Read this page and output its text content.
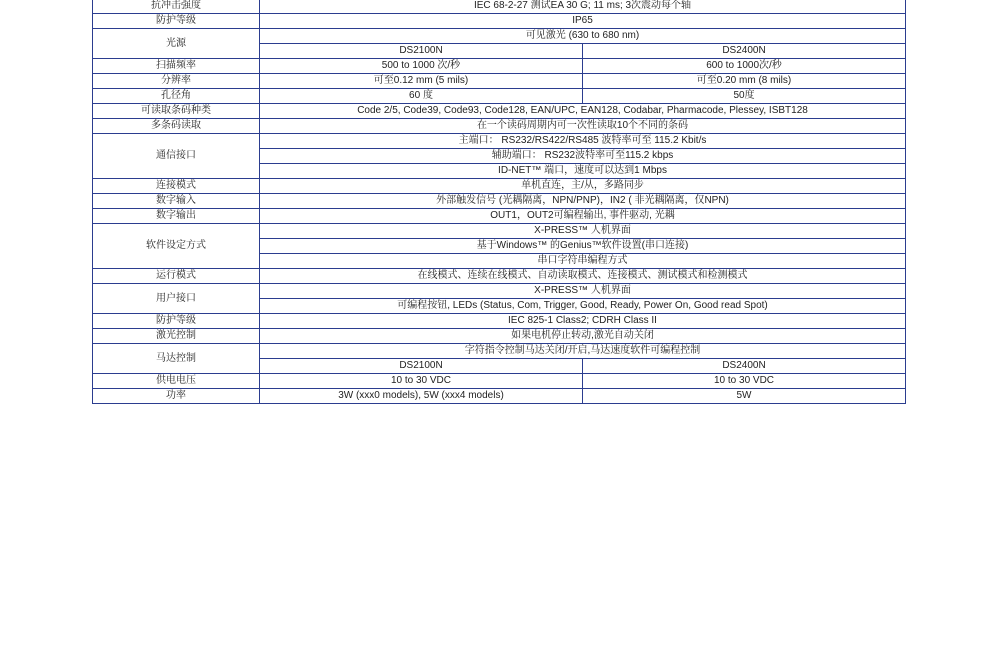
抗冲击强度	IEC 68-2-27 测试EA 30 G; 11 ms; 3次震动每个轴	
防护等级	IP65	
光源	可见激光 (630 to 680 nm)	
	DS2100N	DS2400N
扫描频率	500 to 1000 次/秒	600 to 1000次/秒
分辨率	可至0.12 mm (5 mils)	可至0.20 mm (8 mils)
孔径角	60 度	50度
可读取条码种类	Code 2/5, Code39, Code93, Code128, EAN/UPC, EAN128, Codabar, Pharmacode, Plessey, ISBT128	
多条码读取	在一个读码周期内可一次性读取10个不同的条码	
通信接口	主端口： RS232/RS422/RS485 波特率可至 115.2 Kbit/s	
	辅助端口： RS232波特率可至115.2 kbps	
	ID-NET™ 端口，速度可以达到1 Mbps	
连接模式	单机直连，主/从，多路同步	
数字输入	外部触发信号 (光耦隔离，NPN/PNP)，IN2 ( 非光耦隔离，仅NPN)	
数字输出	OUT1，OUT2可编程输出, 事件驱动, 光耦	
软件设定方式	X-PRESS™ 人机界面	
	基于Windows™ 的Genius™软件设置(串口连接)	
	串口字符串编程方式	
运行模式	在线模式、连续在线模式、自动读取模式、连接模式、测试模式和检测模式	
用户接口	X-PRESS™ 人机界面	
	可编程按钮, LEDs (Status, Com, Trigger, Good, Ready, Power On, Good read Spot)	
防护等级	IEC 825-1 Class2; CDRH Class II	
激光控制	如果电机停止转动,激光自动关闭	
马达控制	字符指令控制马达关闭/开启,马达速度软件可编程控制	
	DS2100N	DS2400N
供电电压	10 to 30 VDC	10 to 30 VDC
功率	3W (xxx0 models), 5W (xxx4 models)	5W
